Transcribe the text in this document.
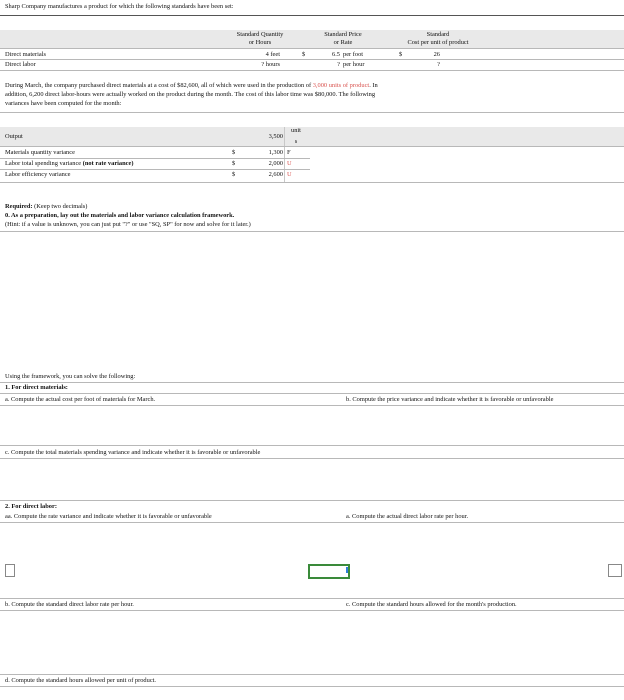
Sharp Company manufactures a product for which the following standards have been set:
Standard Quantity
or Hours
Standard Price
or Rate
Standard
Cost per unit of product
Direct materials	4 feet	$	6.5 per foot	$	26
Direct labor	? hours	? per hour	?
During March, the company purchased direct materials at a cost of $82,600, all of which were used in the production of 3,000 units of product. In
addition, 6,200 direct labor-hours were actually worked on the product during the month. The cost of this labor time was $80,000. The following
variances have been computed for the month:
Output	3,500
unit
s
Materials quantity variance	$	1,300 F
Labor total spending variance (not rate variance)	$	2,000 U
Labor efficiency variance	$	2,600 U
Required: (Keep two decimals)
0. As a preparation, lay out the materials and labor variance calculation framework.
(Hint: if a value is unknown, you can just put "?" or use "SQ, SP" for now and solve for it later.)
Using the framework, you can solve the following:
1. For direct materials:
a. Compute the actual cost per foot of materials for March.	b. Compute the price variance and indicate whether it is favorable or unfavorable
c. Compute the total materials spending variance and indicate whether it is favorable or unfavorable
2. For direct labor:
aa. Compute the rate variance and indicate whether it is favorable or unfavorable	a. Compute the actual direct labor rate per hour.
b. Compute the standard direct labor rate per hour.	c. Compute the standard hours allowed for the month's production.
d. Compute the standard hours allowed per unit of product.
